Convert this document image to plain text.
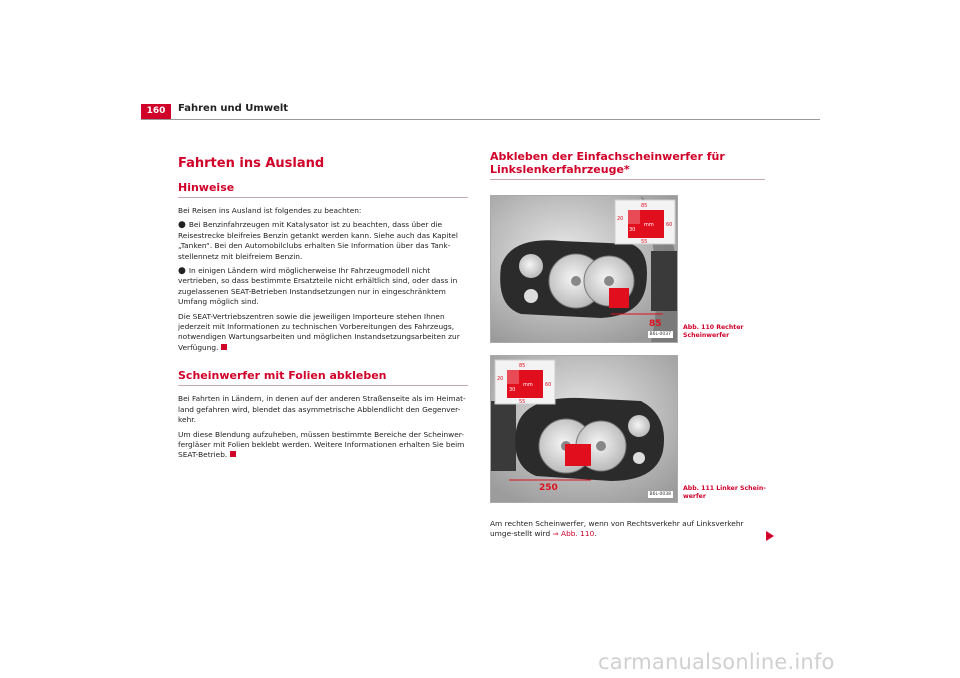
160	Fahren und Umwelt
Fahrten ins Ausland
Hinweise

Bei Reisen ins Ausland ist folgendes zu beachten:

● Bei Benzinfahrzeugen mit Katalysator ist zu beachten, dass über die Reisestrecke bleifreies Benzin getankt werden kann. Siehe auch das Kapitel „Tanken“. Bei den Automobilclubs erhalten Sie Information über das Tank-stellennetz mit bleifreiem Benzin.

● In einigen Ländern wird möglicherweise Ihr Fahrzeugmodell nicht vertrieben, so dass bestimmte Ersatzteile nicht erhältlich sind, oder dass in zugelassenen SEAT-Betrieben Instandsetzungen nur in eingeschränktem Umfang möglich sind.

Die SEAT-Vertriebszentren sowie die jeweiligen Importeure stehen Ihnen jederzeit mit Informationen zu technischen Vorbereitungen des Fahrzeugs, notwendigen Wartungsarbeiten und möglichen Instandsetzungsarbeiten zur Verfügung.

Scheinwerfer mit Folien abkleben

Bei Fahrten in Ländern, in denen auf der anderen Straßenseite als im Heimat-land gefahren wird, blendet das asymmetrische Abblendlicht den Gegenver-kehr.

Um diese Blendung aufzuheben, müssen bestimmte Bereiche der Scheinwer-fergläser mit Folien beklebt werden. Weitere Informationen erhalten Sie beim SEAT-Betrieb.

Abkleben der Einfachscheinwerfer für Linkslenkerfahrzeuge*
85
85
20
30
mm 60
55
B6L-0037
Abb. 110 Rechter Scheinwerfer
250
85
20
30
mm 60
55
B6L-0038
Abb. 111 Linker Schein-werfer

Am rechten Scheinwerfer, wenn von Rechtsverkehr auf Linksverkehr umge-stellt wird ⇒ Abb. 110.

carmanualsonline.info
